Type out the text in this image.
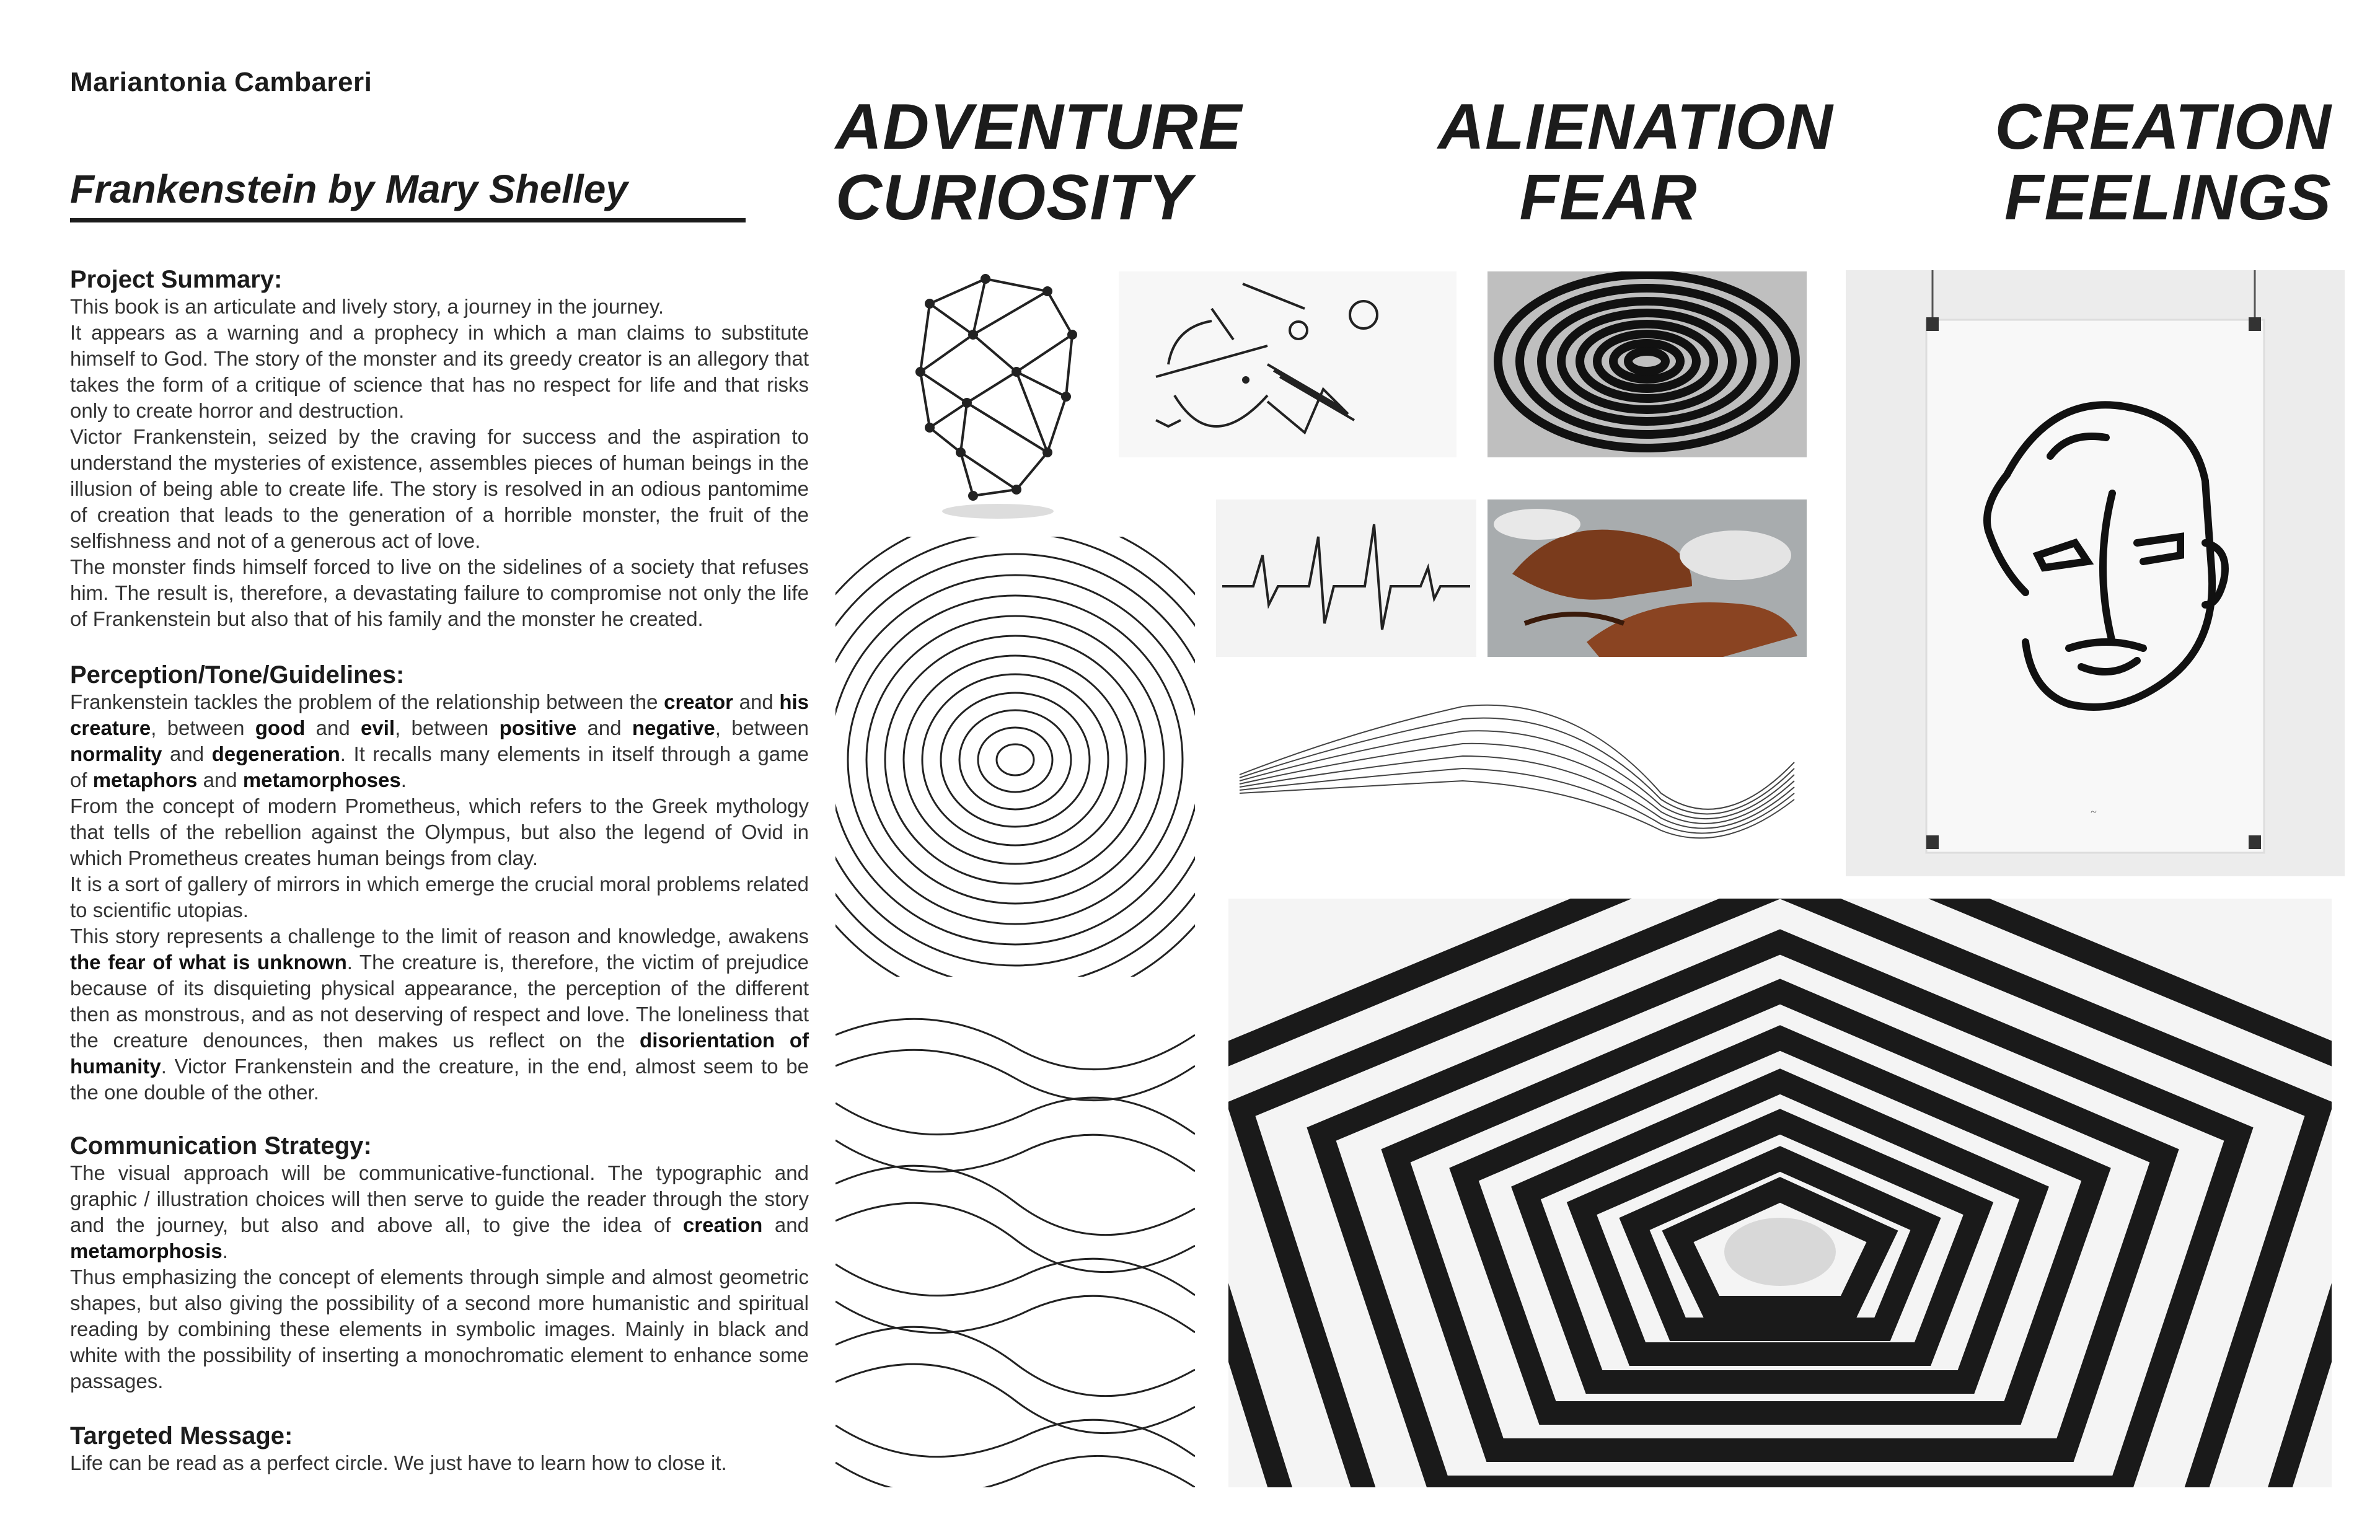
Mariantonia Cambareri
Frankenstein by Mary Shelley
Project Summary:

This book is an articulate and lively story, a journey in the journey.

It appears as a warning and a prophecy in which a man claims to substitute himself to God. The story of the monster and its greedy creator is an allegory that takes the form of a critique of science that has no respect for life and that risks only to create horror and destruction.

Victor Frankenstein, seized by the craving for success and the aspiration to understand the mysteries of existence, assembles pieces of human beings in the illusion of being able to create life. The story is resolved in an odious pantomime of creation that leads to the generation of a horrible monster, the fruit of the selfishness and not of a generous act of love.

The monster finds himself forced to live on the sidelines of a society that refuses him. The result is, therefore, a devastating failure to compromise not only the life of Frankenstein but also that of his family and the monster he created.

Perception/Tone/Guidelines:

Frankenstein tackles the problem of the relationship between the creator and his creature, between good and evil, between positive and negative, between normality and degeneration. It recalls many elements in itself through a game of metaphors and metamorphoses.

From the concept of modern Prometheus, which refers to the Greek mythology that tells of the rebellion against the Olympus, but also the legend of Ovid in which Prometheus creates human beings from clay.

It is a sort of gallery of mirrors in which emerge the crucial moral problems related to scientific utopias.

This story represents a challenge to the limit of reason and knowledge, awakens the fear of what is unknown. The creature is, therefore, the victim of prejudice because of its disquieting physical appearance, the perception of the different then as monstrous, and as not deserving of respect and love. The loneliness that the creature denounces, then makes us reflect on the disorientation of humanity. Victor Frankenstein and the creature, in the end, almost seem to be the one double of the other.

Communication Strategy:

The visual approach will be communicative-functional. The typographic and graphic / illustration choices will then serve to guide the reader through the story and the journey, but also and above all, to give the idea of creation and metamorphosis.

Thus emphasizing the concept of elements through simple and almost geometric shapes, but also giving the possibility of a second more humanistic and spiritual reading by combining these elements in symbolic images. Mainly in black and white with the possibility of inserting a monochromatic element to enhance some passages.

Targeted Message:

Life can be read as a perfect circle. We just have to learn how to close it.

ADVENTURE
CURIOSITY
ALIENATION
FEAR
CREATION
FEELINGS
~
